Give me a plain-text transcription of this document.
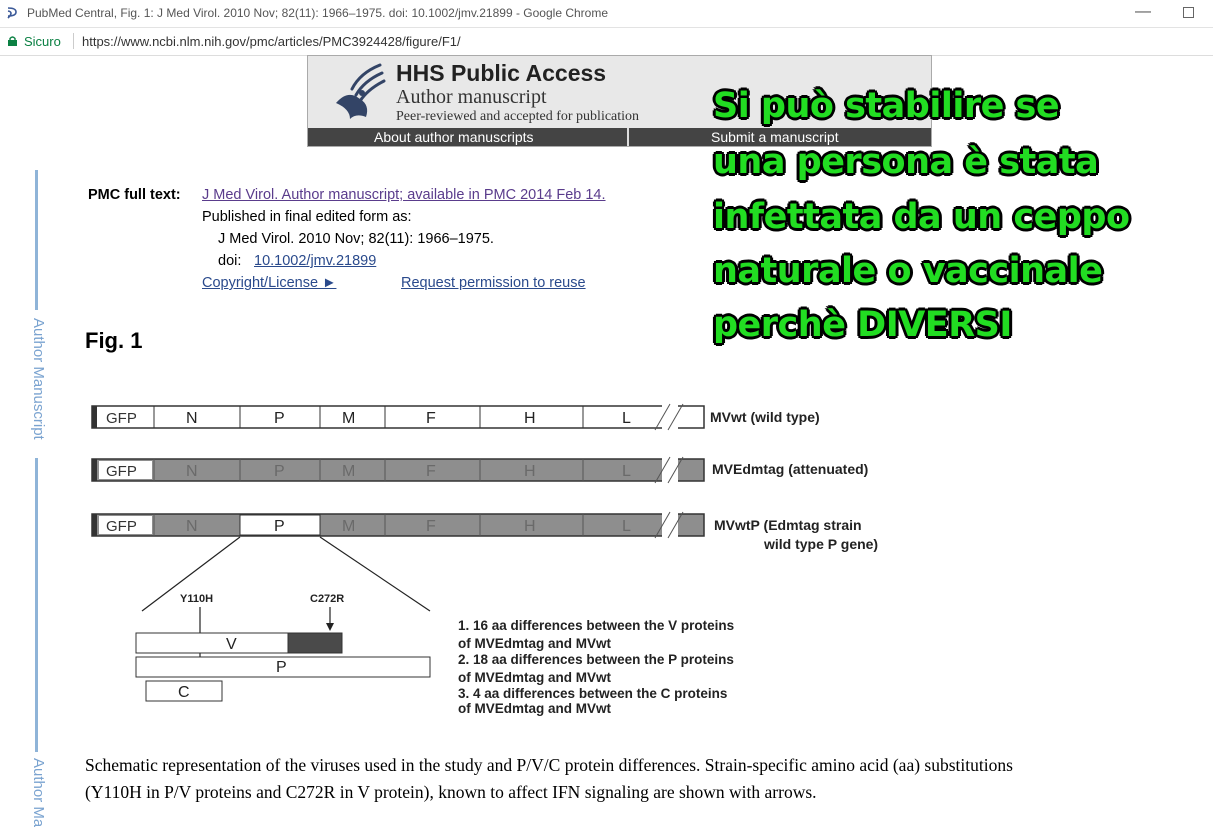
PubMed Central, Fig. 1: J Med Virol. 2010 Nov; 82(11): 1966–1975. doi: 10.1002/jmv.21899 - Google Chrome	—
Sicuro https://www.ncbi.nlm.nih.gov/pmc/articles/PMC3924428/figure/F1/
HHS Public Access
Author manuscript
Peer-reviewed and accepted for publication
About author manuscripts	Submit a manuscript
Author Manuscript
Author Ma
PMC full text: J Med Virol. Author manuscript; available in PMC 2014 Feb 14.
Published in final edited form as:
J Med Virol. 2010 Nov; 82(11): 1966–1975.
doi: 10.1002/jmv.21899
Copyright/License ►	Request permission to reuse
Fig. 1
GFP	N	P	M	F	H	L	MVwt (wild type)
GFP	N	P	M	F	H	L	MVEdmtag (attenuated)
GFP	N	P	M	F	H	L	MVwtP (Edmtag strain
wild type P gene)
Y110H	C272R
V
P
C
1. 16 aa differences between the V proteins
of MVEdmtag and MVwt
2. 18 aa differences between the P proteins
of MVEdmtag and MVwt
3. 4 aa differences between the C proteins
of MVEdmtag and MVwt
Schematic representation of the viruses used in the study and P/V/C protein differences. Strain-specific amino acid (aa) substitutions
(Y110H in P/V proteins and C272R in V protein), known to affect IFN signaling are shown with arrows.
Si può stabilire se
una persona è stata
infettata da un ceppo
naturale o vaccinale
perchè DIVERSI
